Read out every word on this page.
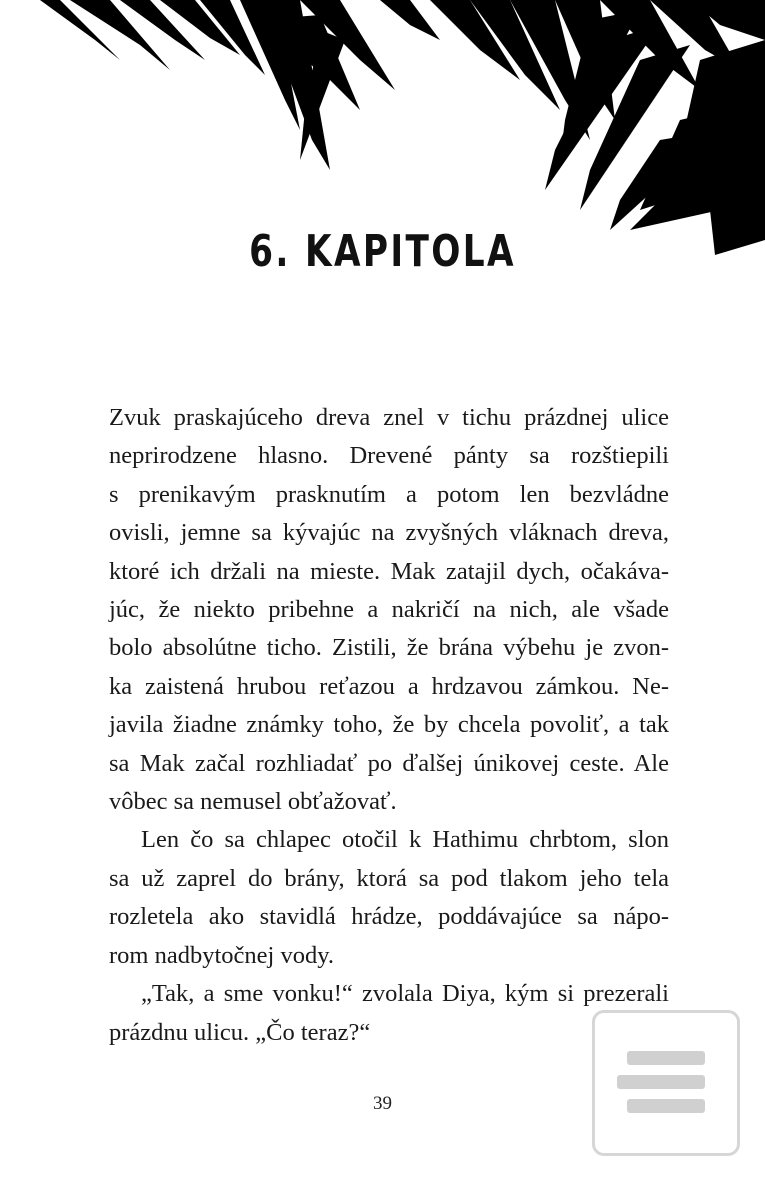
6. KAPITOLA

Zvuk praskajúceho dreva znel v tichu prázdnej ulice
neprirodzene hlasno. Drevené pánty sa rozštiepili
s prenikavým prasknutím a potom len bezvládne
ovisli, jemne sa kývajúc na zvyšných vláknach dreva,
ktoré ich držali na mieste. Mak zatajil dych, očakáva-
júc, že niekto pribehne a nakričí na nich, ale všade
bolo absolútne ticho. Zistili, že brána výbehu je zvon-
ka zaistená hrubou reťazou a hrdzavou zámkou. Ne-
javila žiadne známky toho, že by chcela povoliť, a tak
sa Mak začal rozhliadať po ďalšej únikovej ceste. Ale
vôbec sa nemusel obťažovať.

Len čo sa chlapec otočil k Hathimu chrbtom, slon
sa už zaprel do brány, ktorá sa pod tlakom jeho tela
rozletela ako stavidlá hrádze, poddávajúce sa nápo-
rom nadbytočnej vody.

„Tak, a sme vonku!“ zvolala Diya, kým si prezerali
prázdnu ulicu. „Čo teraz?“

39
